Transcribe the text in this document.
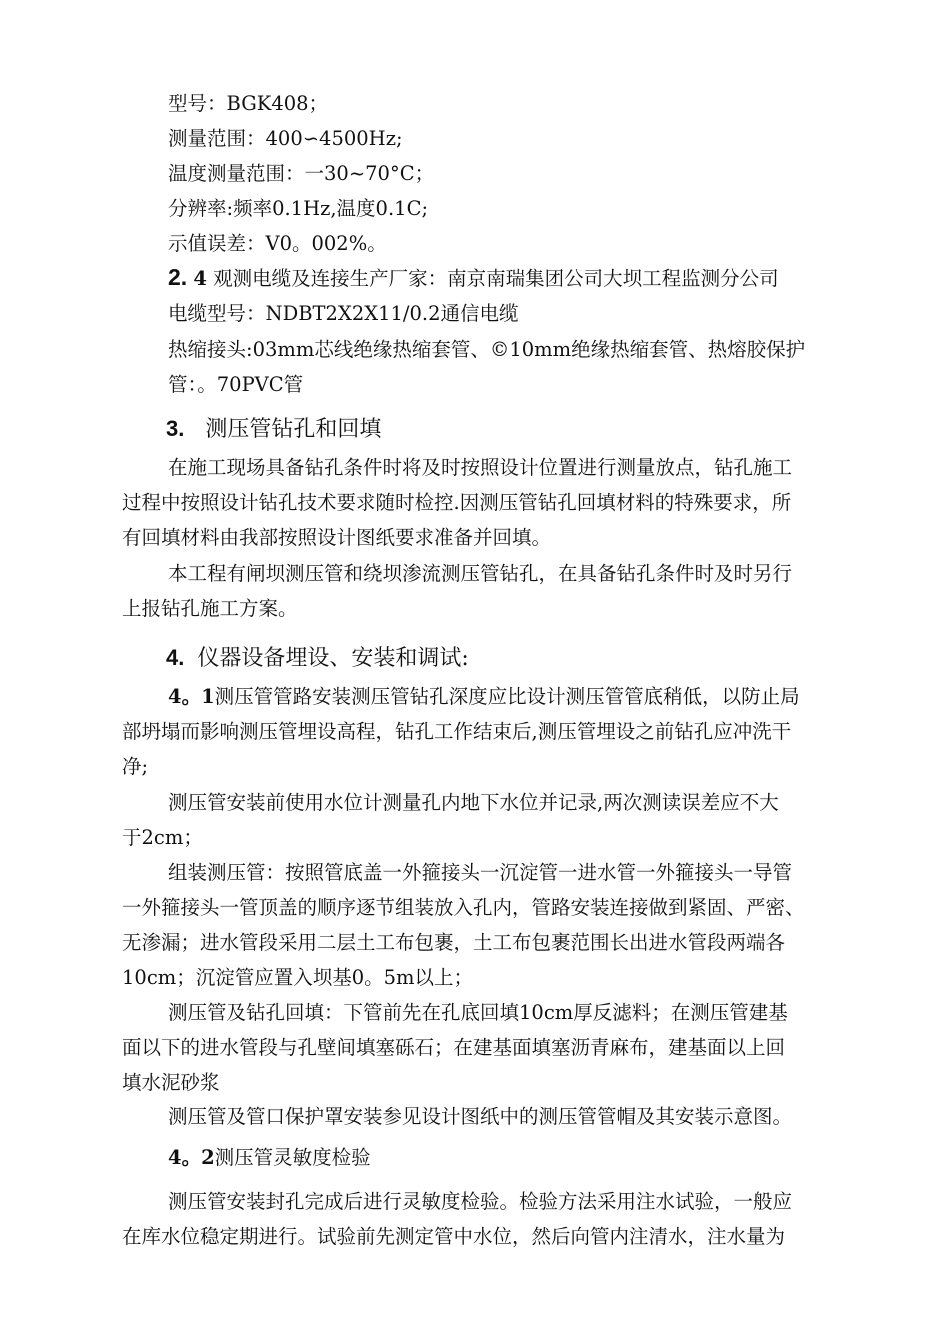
型号：BGK408；
测量范围：400∽4500Hz;
温度测量范围：一30~70°C；
分辨率:频率0.1Hz,温度0.1C;
示值误差：V0。002%。
2. 4 观测电缆及连接生产厂家：南京南瑞集团公司大坝工程监测分公司
电缆型号：NDBT2X2X11/0.2通信电缆
热缩接头:03mm芯线绝缘热缩套管、©10mm绝缘热缩套管、热熔胶保护
管：。70PVC管
3. 测压管钻孔和回填
在施工现场具备钻孔条件时将及时按照设计位置进行测量放点，钻孔施工
过程中按照设计钻孔技术要求随时检控.因测压管钻孔回填材料的特殊要求，所
有回填材料由我部按照设计图纸要求准备并回填。
本工程有闸坝测压管和绕坝渗流测压管钻孔，在具备钻孔条件时及时另行
上报钻孔施工方案。
4. 仪器设备埋设、安装和调试:
4。1测压管管路安装测压管钻孔深度应比设计测压管管底稍低，以防止局
部坍塌而影响测压管埋设高程，钻孔工作结束后,测压管埋设之前钻孔应冲洗干
净;
测压管安装前使用水位计测量孔内地下水位并记录,两次测读误差应不大
于2cm；
组装测压管：按照管底盖一外箍接头一沉淀管一进水管一外箍接头一导管
一外箍接头一管顶盖的顺序逐节组装放入孔内，管路安装连接做到紧固、严密、
无渗漏；进水管段采用二层土工布包裹，土工布包裹范围长出进水管段两端各
10cm；沉淀管应置入坝基0。5m以上；
测压管及钻孔回填：下管前先在孔底回填10cm厚反滤料；在测压管建基
面以下的进水管段与孔壁间填塞砾石；在建基面填塞沥青麻布，建基面以上回
填水泥砂浆
测压管及管口保护罩安装参见设计图纸中的测压管管帽及其安装示意图。
4。2测压管灵敏度检验
测压管安装封孔完成后进行灵敏度检验。检验方法采用注水试验，一般应
在库水位稳定期进行。试验前先测定管中水位，然后向管内注清水，注水量为
